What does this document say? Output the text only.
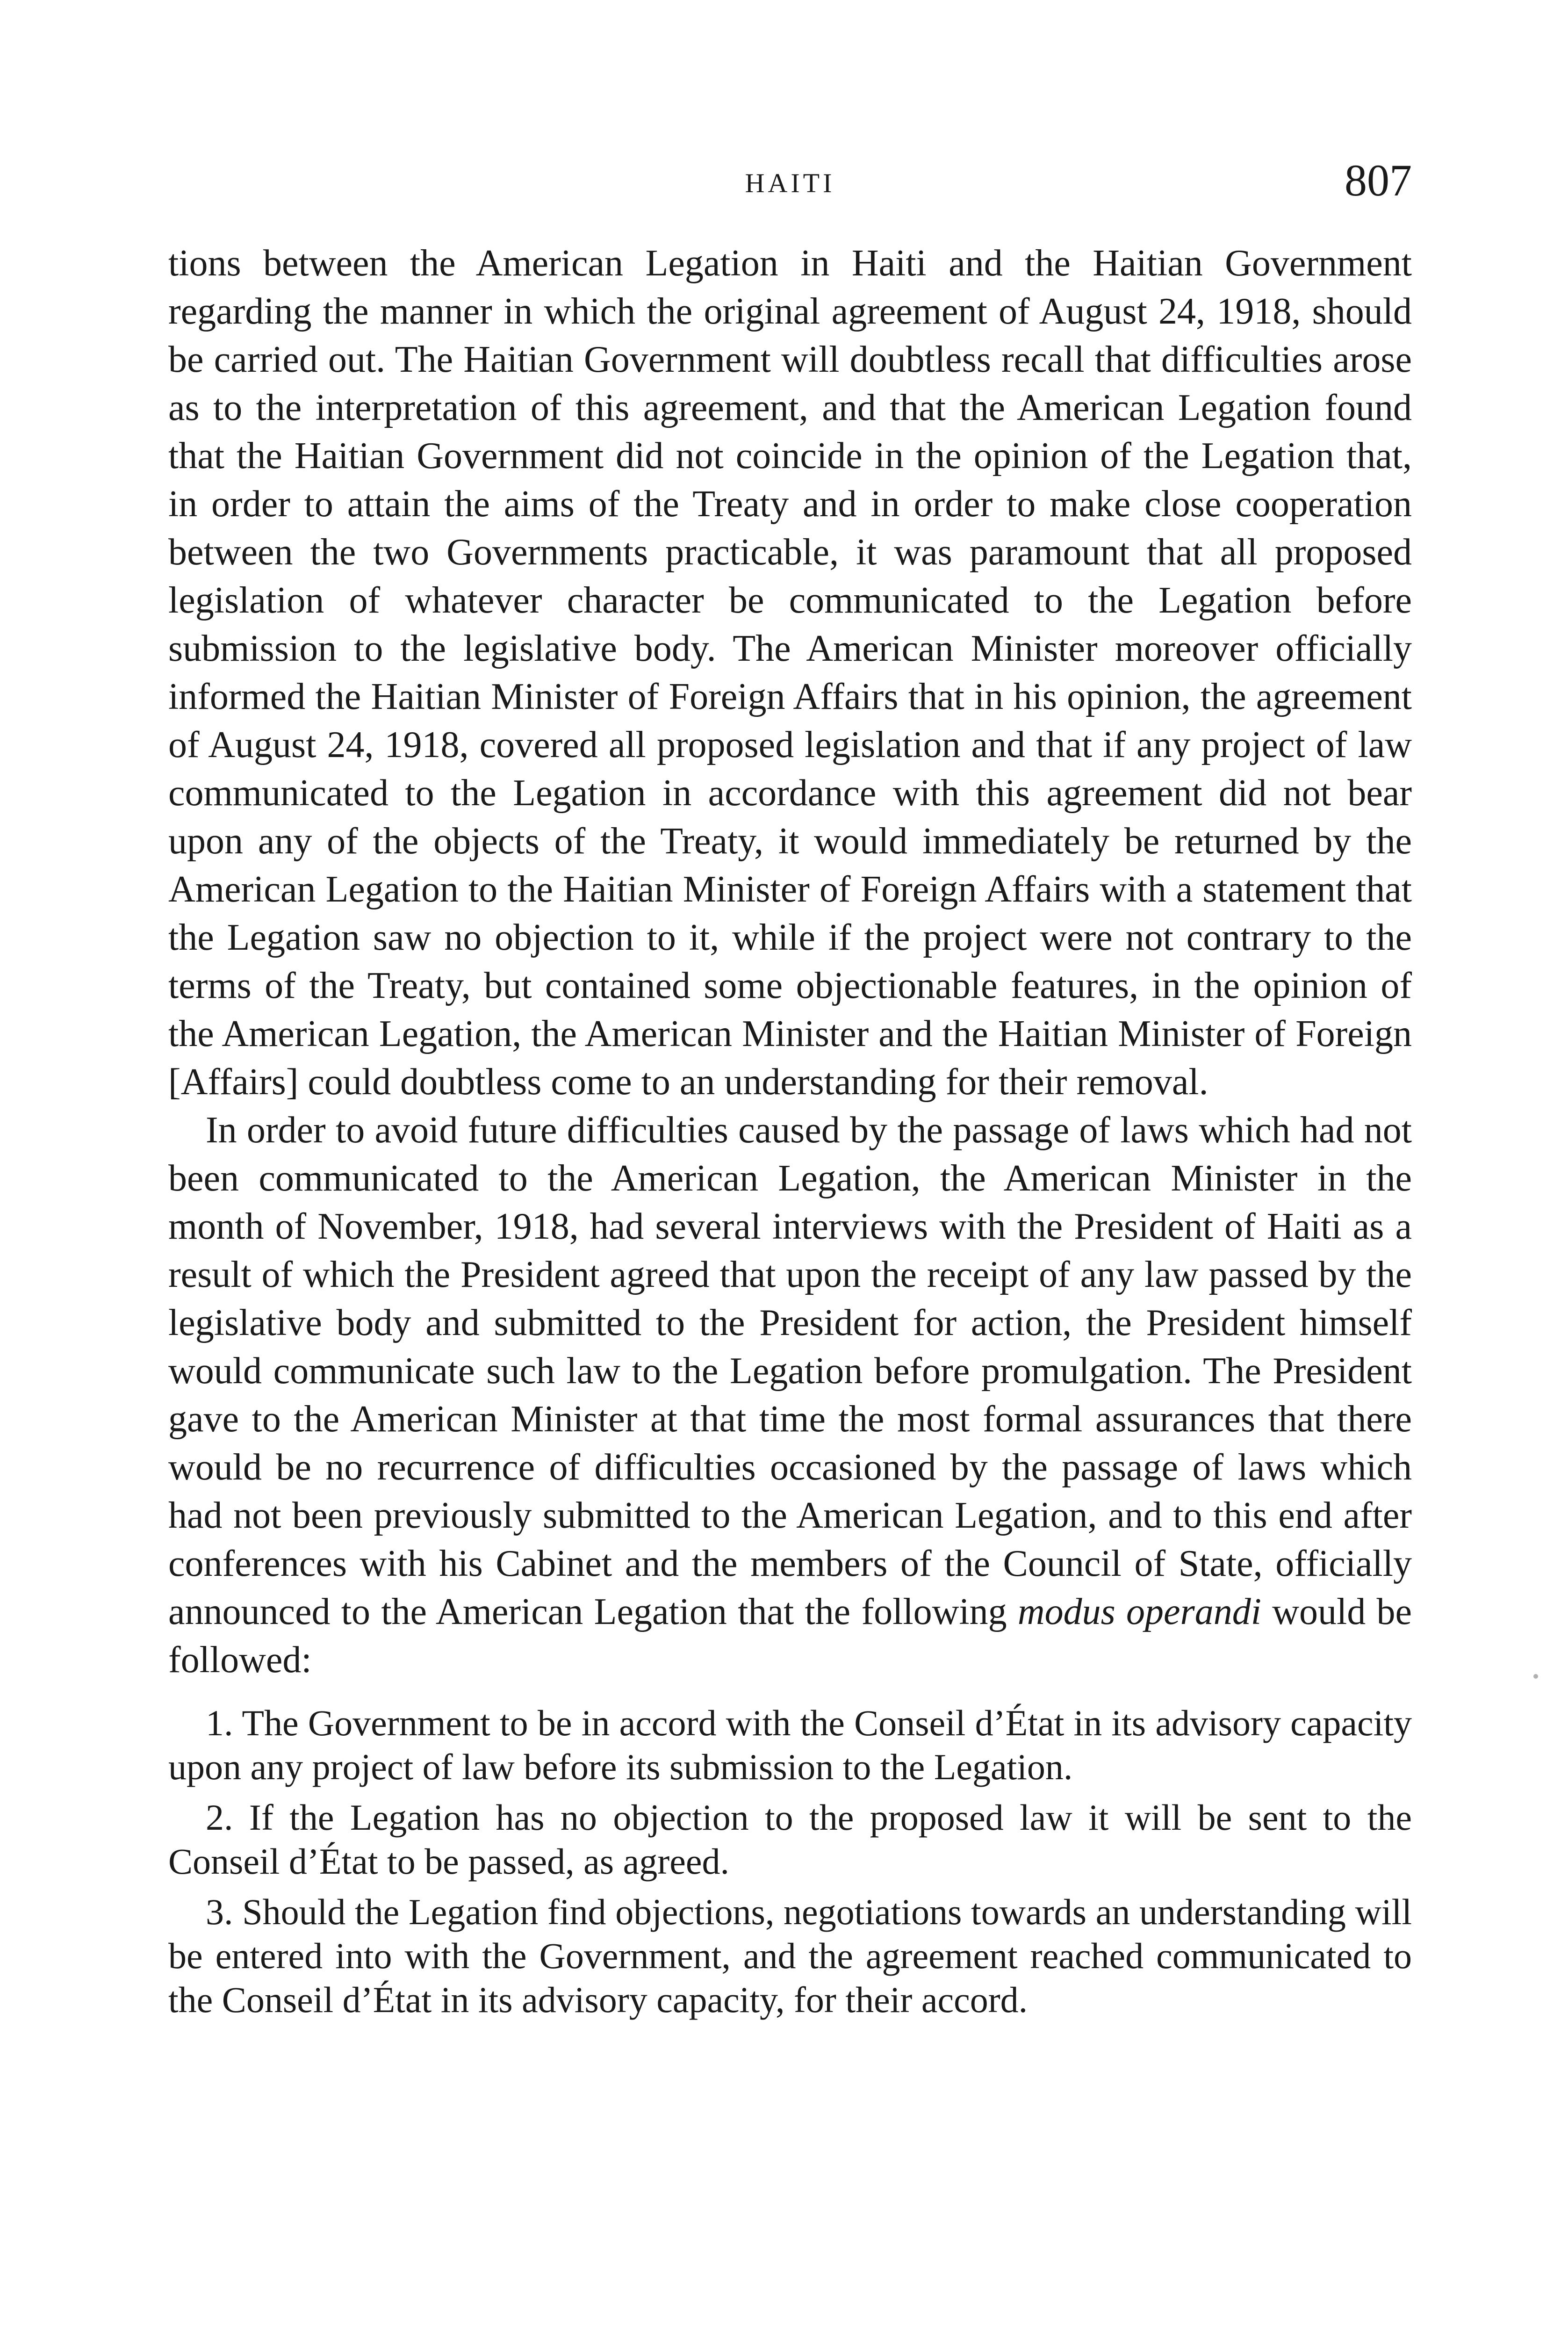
HAITI	807

tions between the American Legation in Haiti and the Haitian Government regarding the manner in which the original agreement of August 24, 1918, should be carried out. The Haitian Government will doubtless recall that difficulties arose as to the interpretation of this agreement, and that the American Legation found that the Haitian Government did not coincide in the opinion of the Legation that, in order to attain the aims of the Treaty and in order to make close cooperation between the two Governments practicable, it was paramount that all proposed legislation of whatever character be communicated to the Legation before submission to the legislative body. The American Minister moreover officially informed the Haitian Minister of Foreign Affairs that in his opinion, the agreement of August 24, 1918, covered all proposed legislation and that if any project of law communicated to the Legation in accordance with this agreement did not bear upon any of the objects of the Treaty, it would immediately be returned by the American Legation to the Haitian Minister of Foreign Affairs with a statement that the Legation saw no objection to it, while if the project were not contrary to the terms of the Treaty, but contained some objectionable features, in the opinion of the American Legation, the American Minister and the Haitian Minister of Foreign [Affairs] could doubtless come to an understanding for their removal.

In order to avoid future difficulties caused by the passage of laws which had not been communicated to the American Legation, the American Minister in the month of November, 1918, had several interviews with the President of Haiti as a result of which the President agreed that upon the receipt of any law passed by the legislative body and submitted to the President for action, the President himself would communicate such law to the Legation before promulgation. The President gave to the American Minister at that time the most formal assurances that there would be no recurrence of difficulties occasioned by the passage of laws which had not been previously submitted to the American Legation, and to this end after conferences with his Cabinet and the members of the Council of State, officially announced to the American Legation that the following modus operandi would be followed:

1. The Government to be in accord with the Conseil d’État in its advisory capacity upon any project of law before its submission to the Legation.

2. If the Legation has no objection to the proposed law it will be sent to the Conseil d’État to be passed, as agreed.

3. Should the Legation find objections, negotiations towards an understanding will be entered into with the Government, and the agreement reached communicated to the Conseil d’État in its advisory capacity, for their accord.
